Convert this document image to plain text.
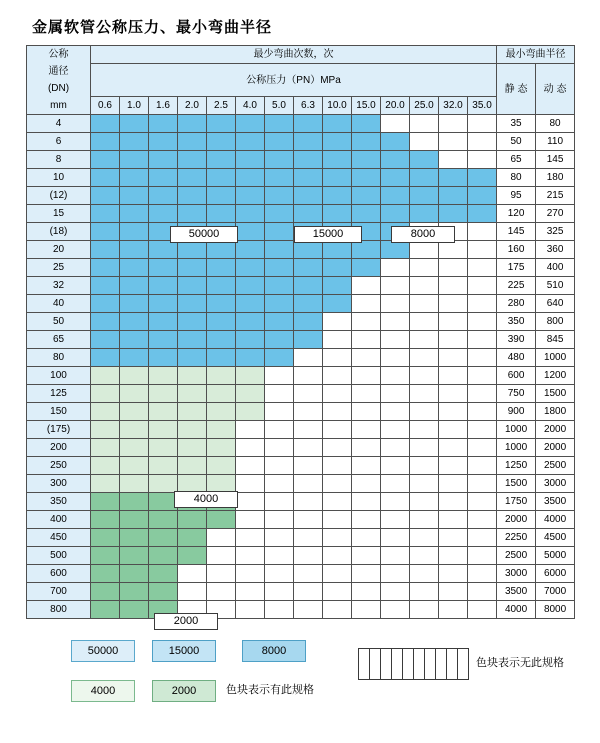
金属软管公称压力、最小弯曲半径
公称
通径
(DN)
mm	最少弯曲次数，次														最小弯曲半径	
	公称压力（PN）MPa														静 态	动 态
	0.6	1.0	1.6	2.0	2.5	4.0	5.0	6.3	10.0	15.0	20.0	25.0	32.0	35.0		
4															35	80
6															50	110
8															65	145
10															80	180
(12)															95	215
15															120	270
(18)															145	325
20															160	360
25															175	400
32															225	510
40															280	640
50															350	800
65															390	845
80															480	1000
100															600	1200
125															750	1500
150															900	1800
(175)															1000	2000
200															1000	2000
250															1250	2500
300															1500	3000
350															1750	3500
400															2000	4000
450															2250	4500
500															2500	5000
600															3000	6000
700															3500	7000
800															4000	8000
50000	15000	8000
4000
2000
50000	15000	8000
4000	2000	色块表示有此规格

色块表示无此规格
